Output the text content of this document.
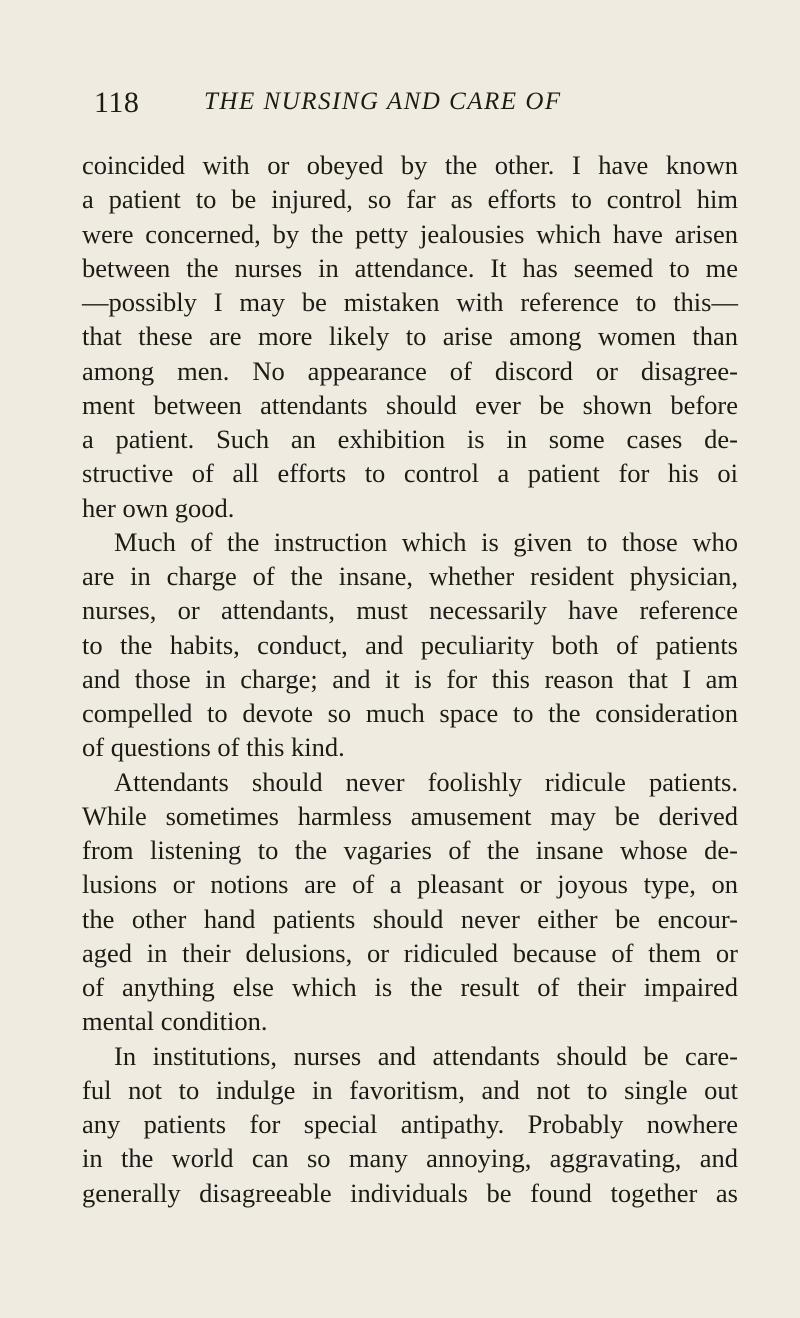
118	THE NURSING AND CARE OF
coincided with or obeyed by the other. I have known
a patient to be injured, so far as efforts to control him
were concerned, by the petty jealousies which have arisen
between the nurses in attendance. It has seemed to me
—possibly I may be mistaken with reference to this—
that these are more likely to arise among women than
among men. No appearance of discord or disagree-
ment between attendants should ever be shown before
a patient. Such an exhibition is in some cases de-
structive of all efforts to control a patient for his oi
her own good.
Much of the instruction which is given to those who
are in charge of the insane, whether resident physician,
nurses, or attendants, must necessarily have reference
to the habits, conduct, and peculiarity both of patients
and those in charge; and it is for this reason that I am
compelled to devote so much space to the consideration
of questions of this kind.
Attendants should never foolishly ridicule patients.
While sometimes harmless amusement may be derived
from listening to the vagaries of the insane whose de-
lusions or notions are of a pleasant or joyous type, on
the other hand patients should never either be encour-
aged in their delusions, or ridiculed because of them or
of anything else which is the result of their impaired
mental condition.
In institutions, nurses and attendants should be care-
ful not to indulge in favoritism, and not to single out
any patients for special antipathy. Probably nowhere
in the world can so many annoying, aggravating, and
generally disagreeable individuals be found together as
